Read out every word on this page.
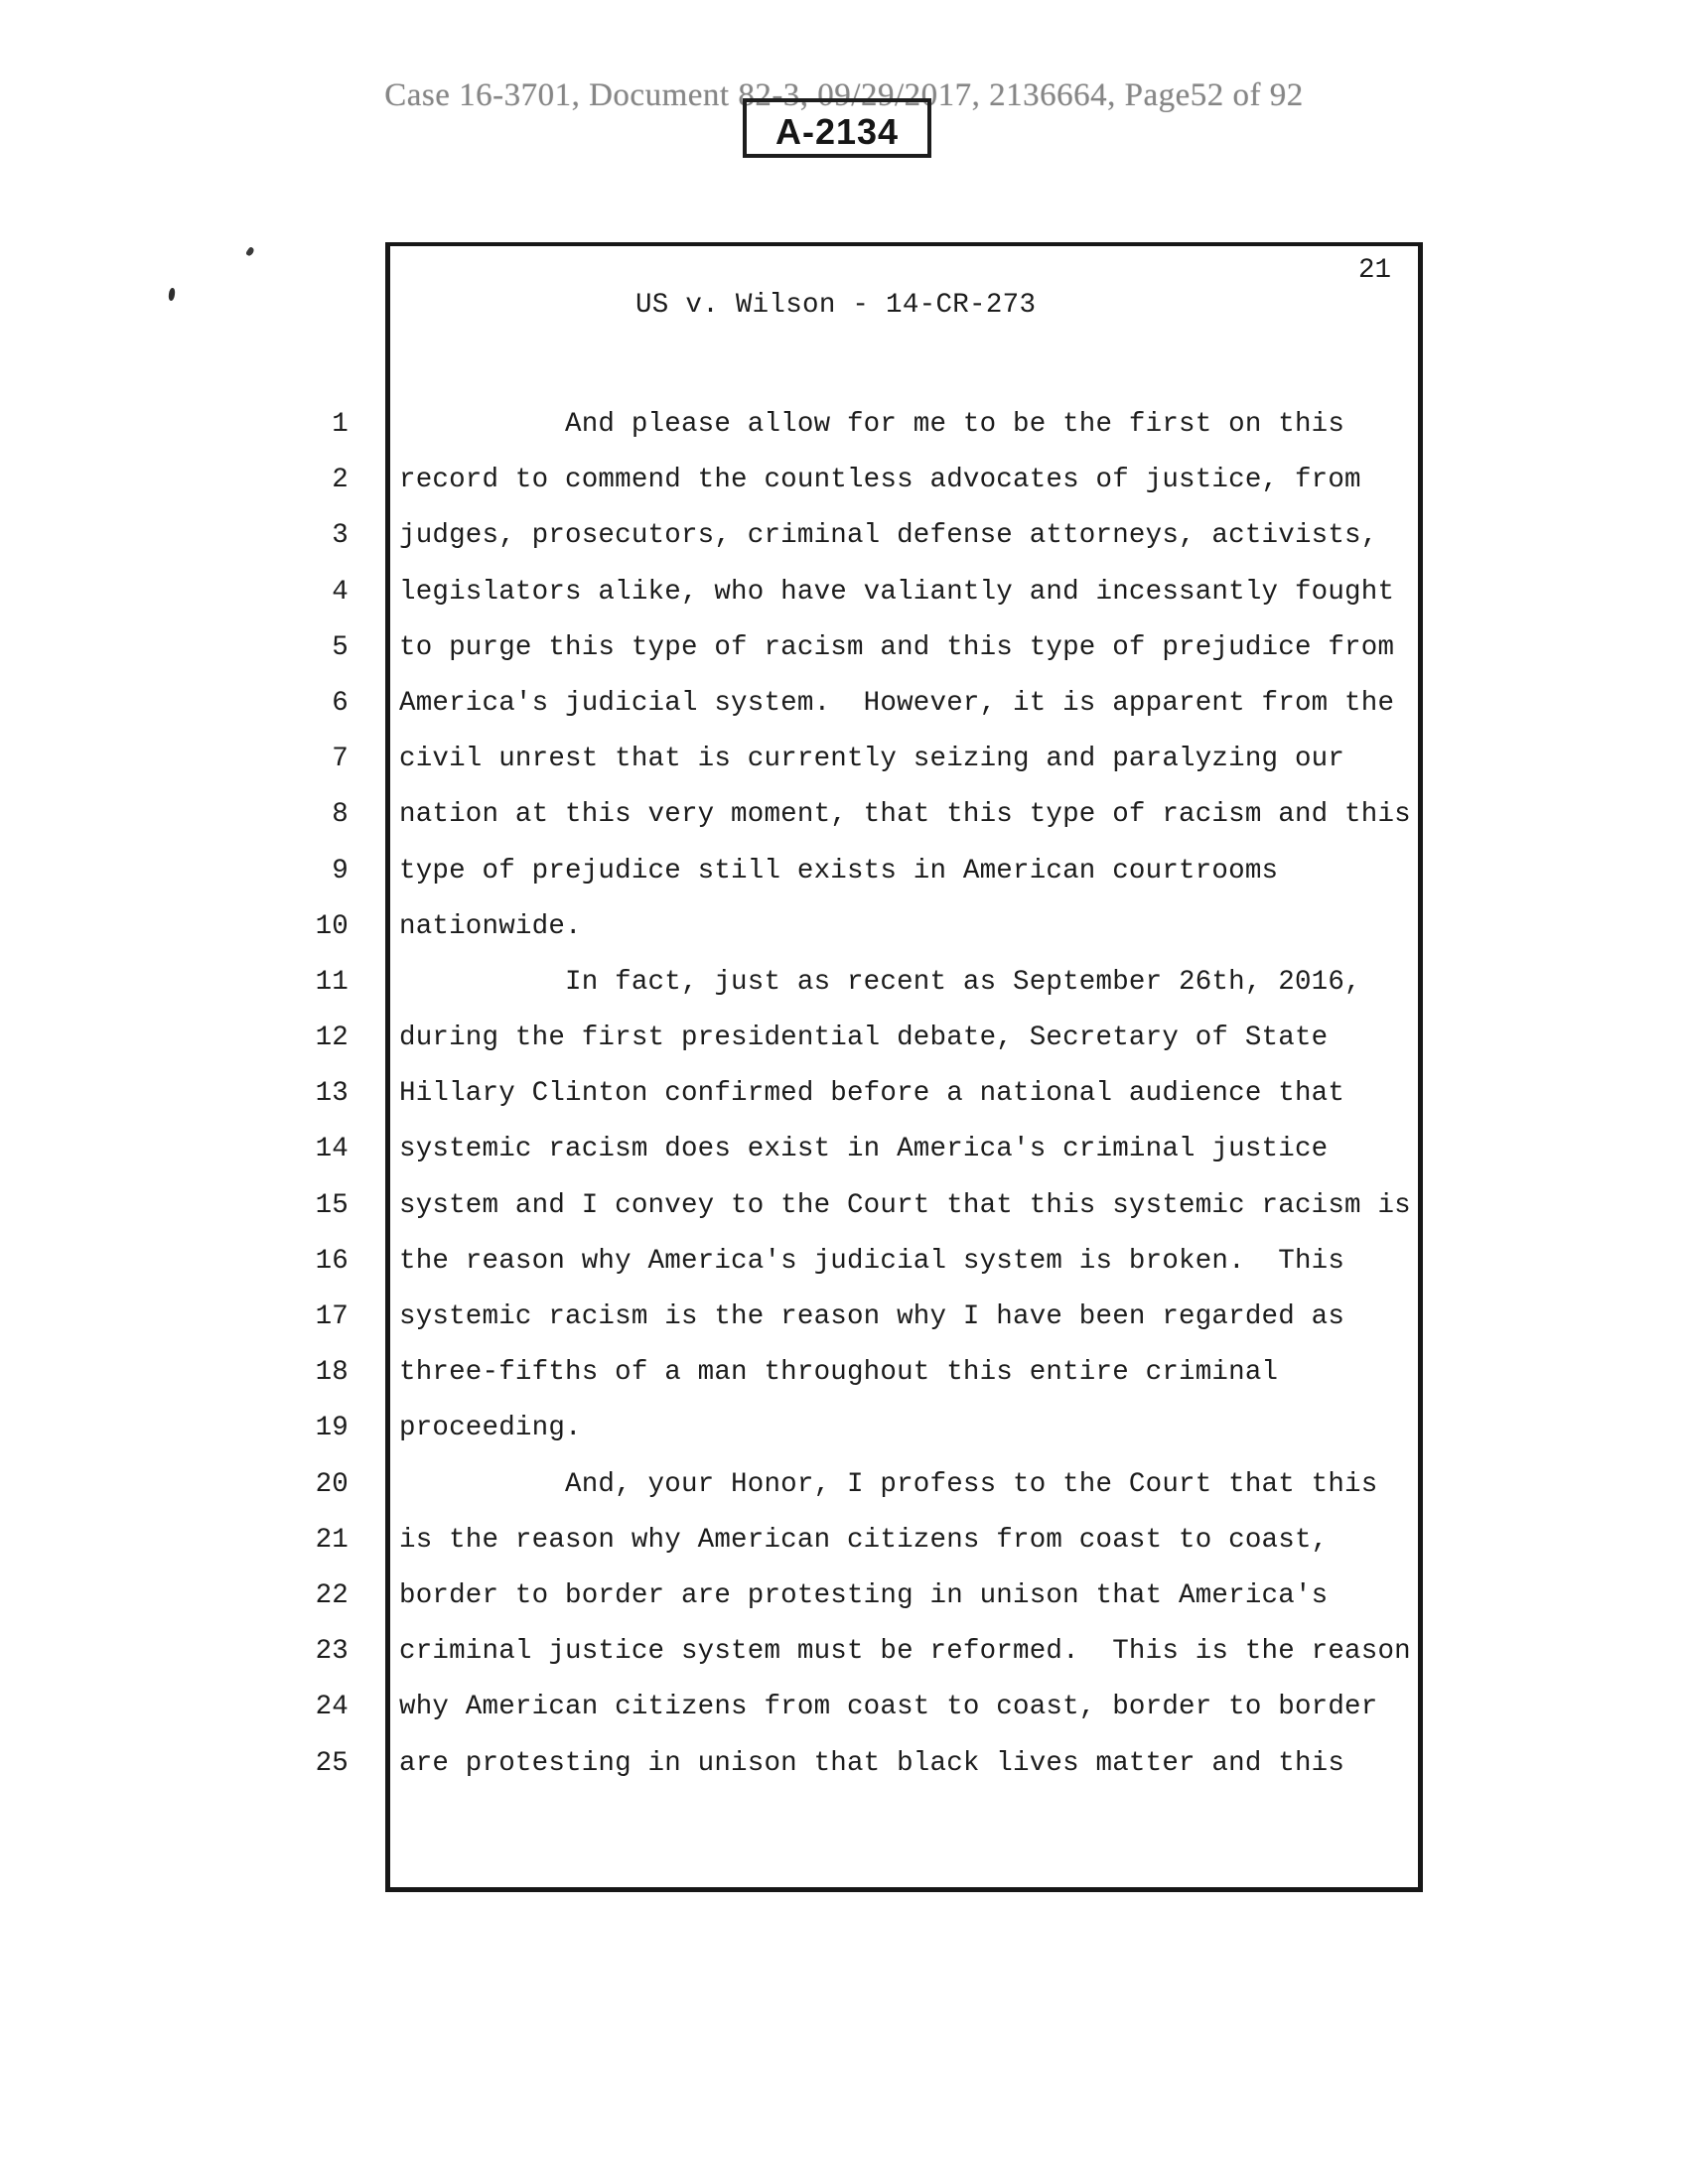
Case 16-3701, Document 82-3, 09/29/2017, 2136664, Page52 of 92
A-2134
21
US v. Wilson - 14-CR-273
1	And please allow for me to be the first on this
2	record to commend the countless advocates of justice, from
3	judges, prosecutors, criminal defense attorneys, activists,
4	legislators alike, who have valiantly and incessantly fought
5	to purge this type of racism and this type of prejudice from
6	America's judicial system.  However, it is apparent from the
7	civil unrest that is currently seizing and paralyzing our
8	nation at this very moment, that this type of racism and this
9	type of prejudice still exists in American courtrooms
10	nationwide.
11	In fact, just as recent as September 26th, 2016,
12	during the first presidential debate, Secretary of State
13	Hillary Clinton confirmed before a national audience that
14	systemic racism does exist in America's criminal justice
15	system and I convey to the Court that this systemic racism is
16	the reason why America's judicial system is broken.  This
17	systemic racism is the reason why I have been regarded as
18	three-fifths of a man throughout this entire criminal
19	proceeding.
20	And, your Honor, I profess to the Court that this
21	is the reason why American citizens from coast to coast,
22	border to border are protesting in unison that America's
23	criminal justice system must be reformed.  This is the reason
24	why American citizens from coast to coast, border to border
25	are protesting in unison that black lives matter and this
